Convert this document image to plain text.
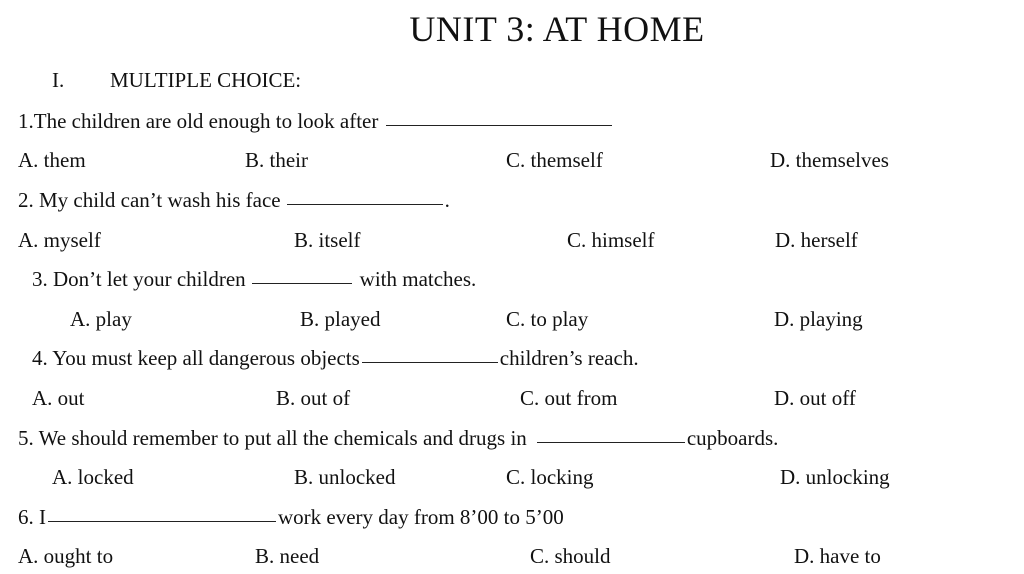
UNIT 3: AT HOME
I. MULTIPLE CHOICE:
1.The children are old enough to look after
A. them	B. their	C. themself	D. themselves
2. My child can’t wash his face	.
A. myself	B. itself	C. himself	D. herself
3. Don’t let your children	with matches.
A. play	B. played	C. to play	D. playing
4. You must keep all dangerous objects	children’s reach.
A. out	B. out of	C. out from	D. out off
5. We should remember to put all the chemicals and drugs in	cupboards.
A. locked	B. unlocked	C. locking	D. unlocking
6. I	work every day from 8’00 to 5’00
A. ought to	B. need	C. should	D. have to
